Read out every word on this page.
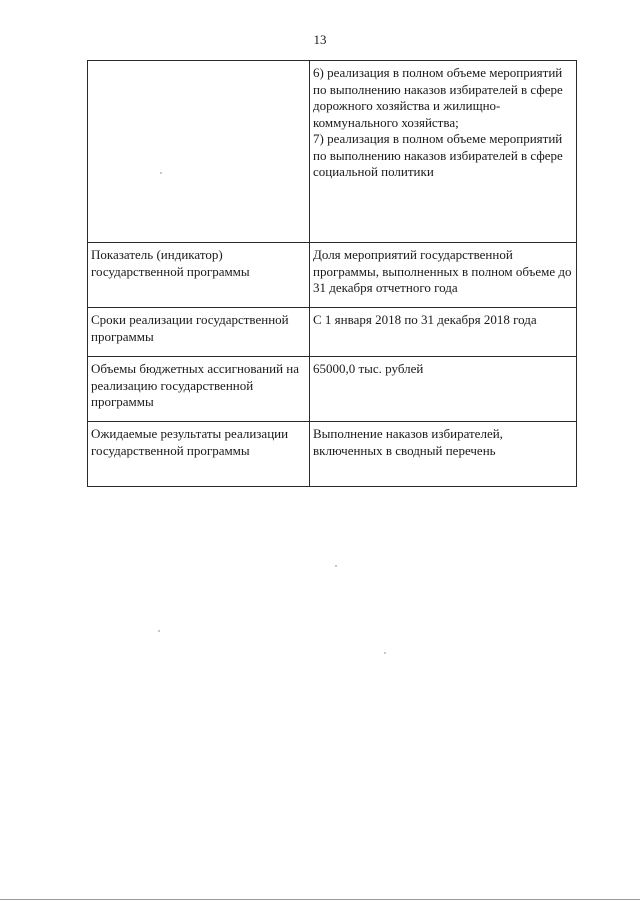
13

	6) реализация в полном объеме мероприятий по выполнению наказов избирателей в сфере дорожного хозяйства и жилищно-коммунального хозяйства;
7) реализация в полном объеме мероприятий по выполнению наказов избирателей в сфере социальной политики

Показатель (индикатор) государственной программы	Доля мероприятий государственной программы, выполненных в полном объеме до 31 декабря отчетного года
Сроки реализации государственной программы	С 1 января 2018 по 31 декабря 2018 года
Объемы бюджетных ассигнований на реализацию государственной программы	65000,0 тыс. рублей
Ожидаемые результаты реализации государственной программы	Выполнение наказов избирателей, включенных в сводный перечень
